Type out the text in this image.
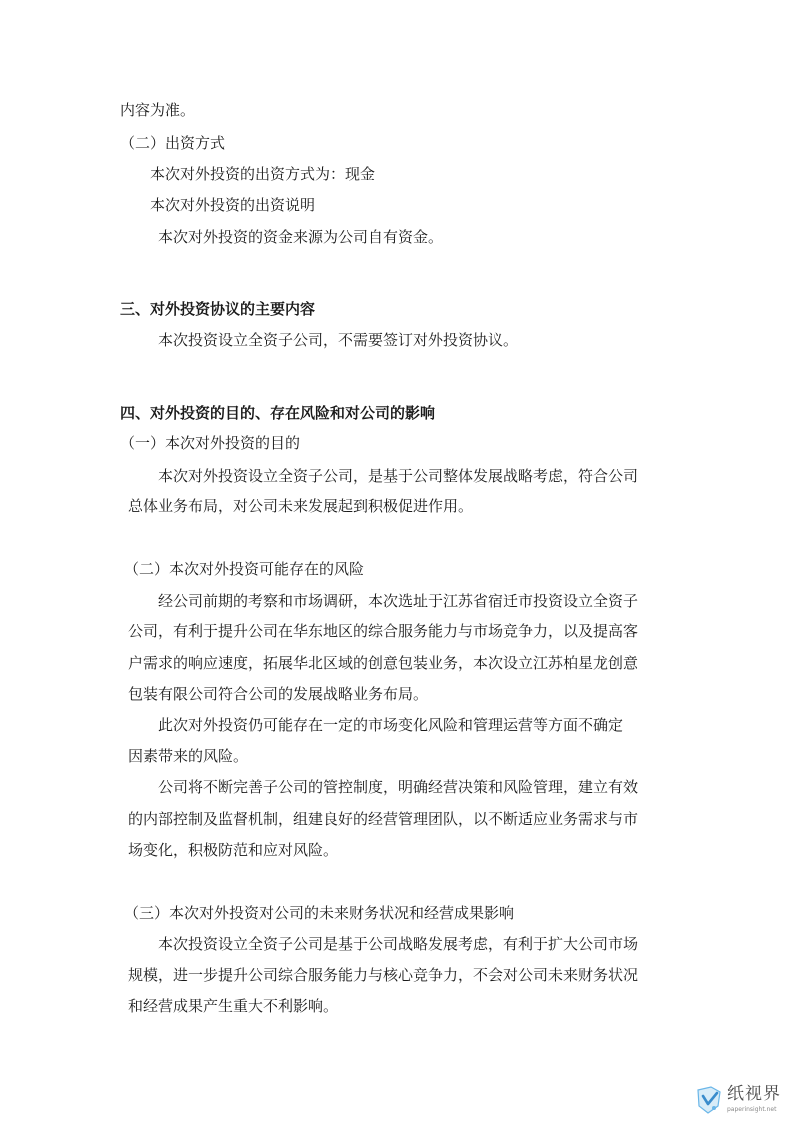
内容为准。
（二）出资方式
本次对外投资的出资方式为：现金
本次对外投资的出资说明
本次对外投资的资金来源为公司自有资金。
三、对外投资协议的主要内容
本次投资设立全资子公司，不需要签订对外投资协议。
四、对外投资的目的、存在风险和对公司的影响
（一）本次对外投资的目的
本次对外投资设立全资子公司，是基于公司整体发展战略考虑，符合公司
总体业务布局，对公司未来发展起到积极促进作用。
（二）本次对外投资可能存在的风险
经公司前期的考察和市场调研，本次选址于江苏省宿迁市投资设立全资子
公司，有利于提升公司在华东地区的综合服务能力与市场竞争力，以及提高客
户需求的响应速度，拓展华北区域的创意包装业务，本次设立江苏柏星龙创意
包装有限公司符合公司的发展战略业务布局。
此次对外投资仍可能存在一定的市场变化风险和管理运营等方面不确定
因素带来的风险。
公司将不断完善子公司的管控制度，明确经营决策和风险管理，建立有效
的内部控制及监督机制，组建良好的经营管理团队，以不断适应业务需求与市
场变化，积极防范和应对风险。
（三）本次对外投资对公司的未来财务状况和经营成果影响
本次投资设立全资子公司是基于公司战略发展考虑，有利于扩大公司市场
规模，进一步提升公司综合服务能力与核心竞争力，不会对公司未来财务状况
和经营成果产生重大不利影响。
纸视界
paperinsight.net
